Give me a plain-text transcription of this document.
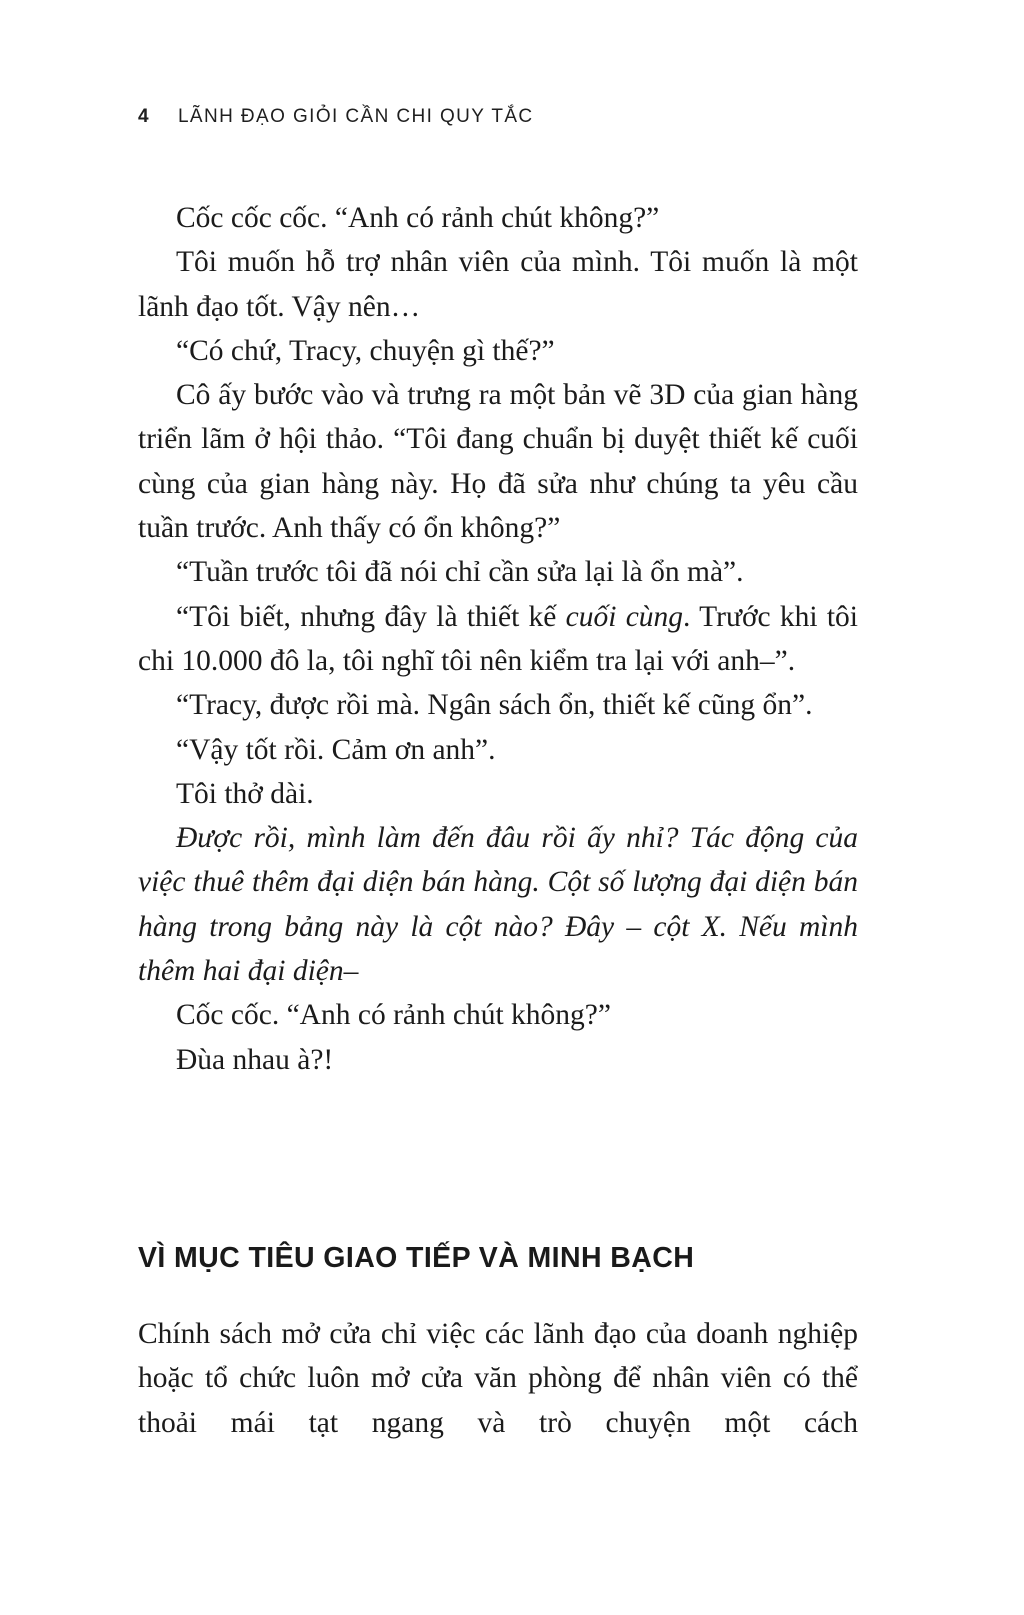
4 LÃNH ĐẠO GIỎI CẦN CHI QUY TẮC

Cốc cốc cốc. “Anh có rảnh chút không?”

Tôi muốn hỗ trợ nhân viên của mình. Tôi muốn là một lãnh đạo tốt. Vậy nên…

“Có chứ, Tracy, chuyện gì thế?”

Cô ấy bước vào và trưng ra một bản vẽ 3D của gian hàng triển lãm ở hội thảo. “Tôi đang chuẩn bị duyệt thiết kế cuối cùng của gian hàng này. Họ đã sửa như chúng ta yêu cầu tuần trước. Anh thấy có ổn không?”

“Tuần trước tôi đã nói chỉ cần sửa lại là ổn mà”.

“Tôi biết, nhưng đây là thiết kế cuối cùng. Trước khi tôi chi 10.000 đô la, tôi nghĩ tôi nên kiểm tra lại với anh–”.

“Tracy, được rồi mà. Ngân sách ổn, thiết kế cũng ổn”.

“Vậy tốt rồi. Cảm ơn anh”.

Tôi thở dài.

Được rồi, mình làm đến đâu rồi ấy nhỉ? Tác động của việc thuê thêm đại diện bán hàng. Cột số lượng đại diện bán hàng trong bảng này là cột nào? Đây – cột X. Nếu mình thêm hai đại diện–

Cốc cốc. “Anh có rảnh chút không?”

Đùa nhau à?!

VÌ MỤC TIÊU GIAO TIẾP VÀ MINH BẠCH

Chính sách mở cửa chỉ việc các lãnh đạo của doanh nghiệp hoặc tổ chức luôn mở cửa văn phòng để nhân viên có thể thoải mái tạt ngang và trò chuyện một cách
